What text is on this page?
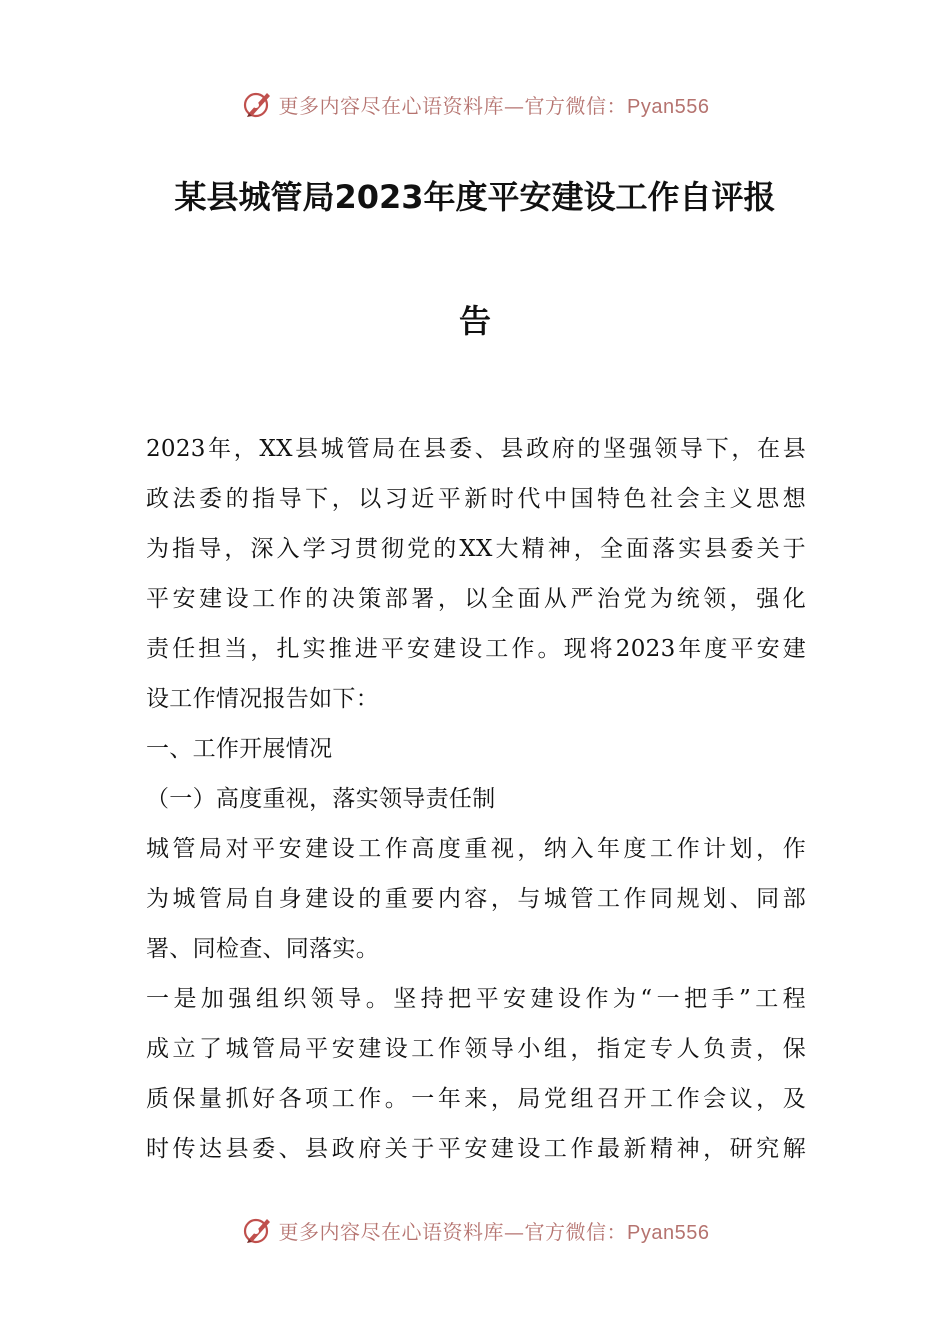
更多内容尽在心语资料库—官方微信：Pyan556
某县城管局2023年度平安建设工作自评报
告
2023年，XX县城管局在县委、县政府的坚强领导下，在县
政法委的指导下，以习近平新时代中国特色社会主义思想
为指导，深入学习贯彻党的XX大精神，全面落实县委关于
平安建设工作的决策部署，以全面从严治党为统领，强化
责任担当，扎实推进平安建设工作。现将2023年度平安建
设工作情况报告如下：
一、工作开展情况
（一）高度重视，落实领导责任制
城管局对平安建设工作高度重视，纳入年度工作计划，作
为城管局自身建设的重要内容，与城管工作同规划、同部
署、同检查、同落实。
一是加强组织领导。坚持把平安建设作为“一把手”工程
成立了城管局平安建设工作领导小组，指定专人负责，保
质保量抓好各项工作。一年来，局党组召开工作会议，及
时传达县委、县政府关于平安建设工作最新精神，研究解
更多内容尽在心语资料库—官方微信：Pyan556
